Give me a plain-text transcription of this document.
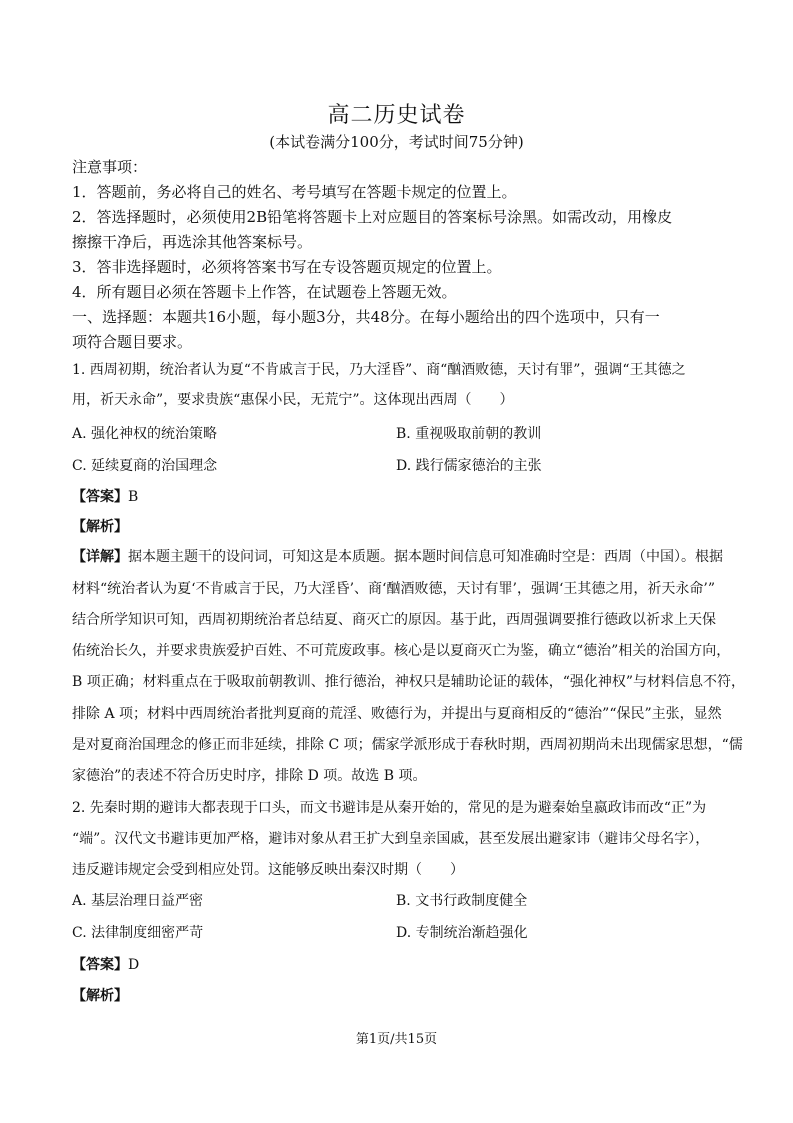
高二历史试卷
(本试卷满分100分，考试时间75分钟)
注意事项：
1．答题前，务必将自己的姓名、考号填写在答题卡规定的位置上。
2．答选择题时，必须使用2B铅笔将答题卡上对应题目的答案标号涂黑。如需改动，用橡皮
擦擦干净后，再选涂其他答案标号。
3．答非选择题时，必须将答案书写在专设答题页规定的位置上。
4．所有题目必须在答题卡上作答，在试题卷上答题无效。
一、选择题：本题共16小题，每小题3分，共48分。在每小题给出的四个选项中，只有一
项符合题目要求。
1. 西周初期，统治者认为夏“不肯戚言于民，乃大淫昏”、商“酗酒败德，天讨有罪”，强调“王其德之
用，祈天永命”，要求贵族“惠保小民，无荒宁”。这体现出西周（　　）
A. 强化神权的统治策略	B. 重视吸取前朝的教训
C. 延续夏商的治国理念	D. 践行儒家德治的主张
【答案】B
【解析】
【详解】据本题主题干的设问词，可知这是本质题。据本题时间信息可知准确时空是：西周（中国）。根据
材料“统治者认为夏‘不肯戚言于民，乃大淫昏’、商‘酗酒败德，天讨有罪’，强调‘王其德之用，祈天永命’”
结合所学知识可知，西周初期统治者总结夏、商灭亡的原因。基于此，西周强调要推行德政以祈求上天保
佑统治长久，并要求贵族爱护百姓、不可荒废政事。核心是以夏商灭亡为鉴，确立“德治”相关的治国方向，
B 项正确；材料重点在于吸取前朝教训、推行德治，神权只是辅助论证的载体，“强化神权”与材料信息不符，
排除 A 项；材料中西周统治者批判夏商的荒淫、败德行为，并提出与夏商相反的“德治”“保民”主张，显然
是对夏商治国理念的修正而非延续，排除 C 项；儒家学派形成于春秋时期，西周初期尚未出现儒家思想，“儒
家德治”的表述不符合历史时序，排除 D 项。故选 B 项。
2. 先秦时期的避讳大都表现于口头，而文书避讳是从秦开始的，常见的是为避秦始皇嬴政讳而改“正”为
“端”。汉代文书避讳更加严格，避讳对象从君王扩大到皇亲国戚，甚至发展出避家讳（避讳父母名字），
违反避讳规定会受到相应处罚。这能够反映出秦汉时期（　　）
A. 基层治理日益严密	B. 文书行政制度健全
C. 法律制度细密严苛	D. 专制统治渐趋强化
【答案】D
【解析】
第1页/共15页
